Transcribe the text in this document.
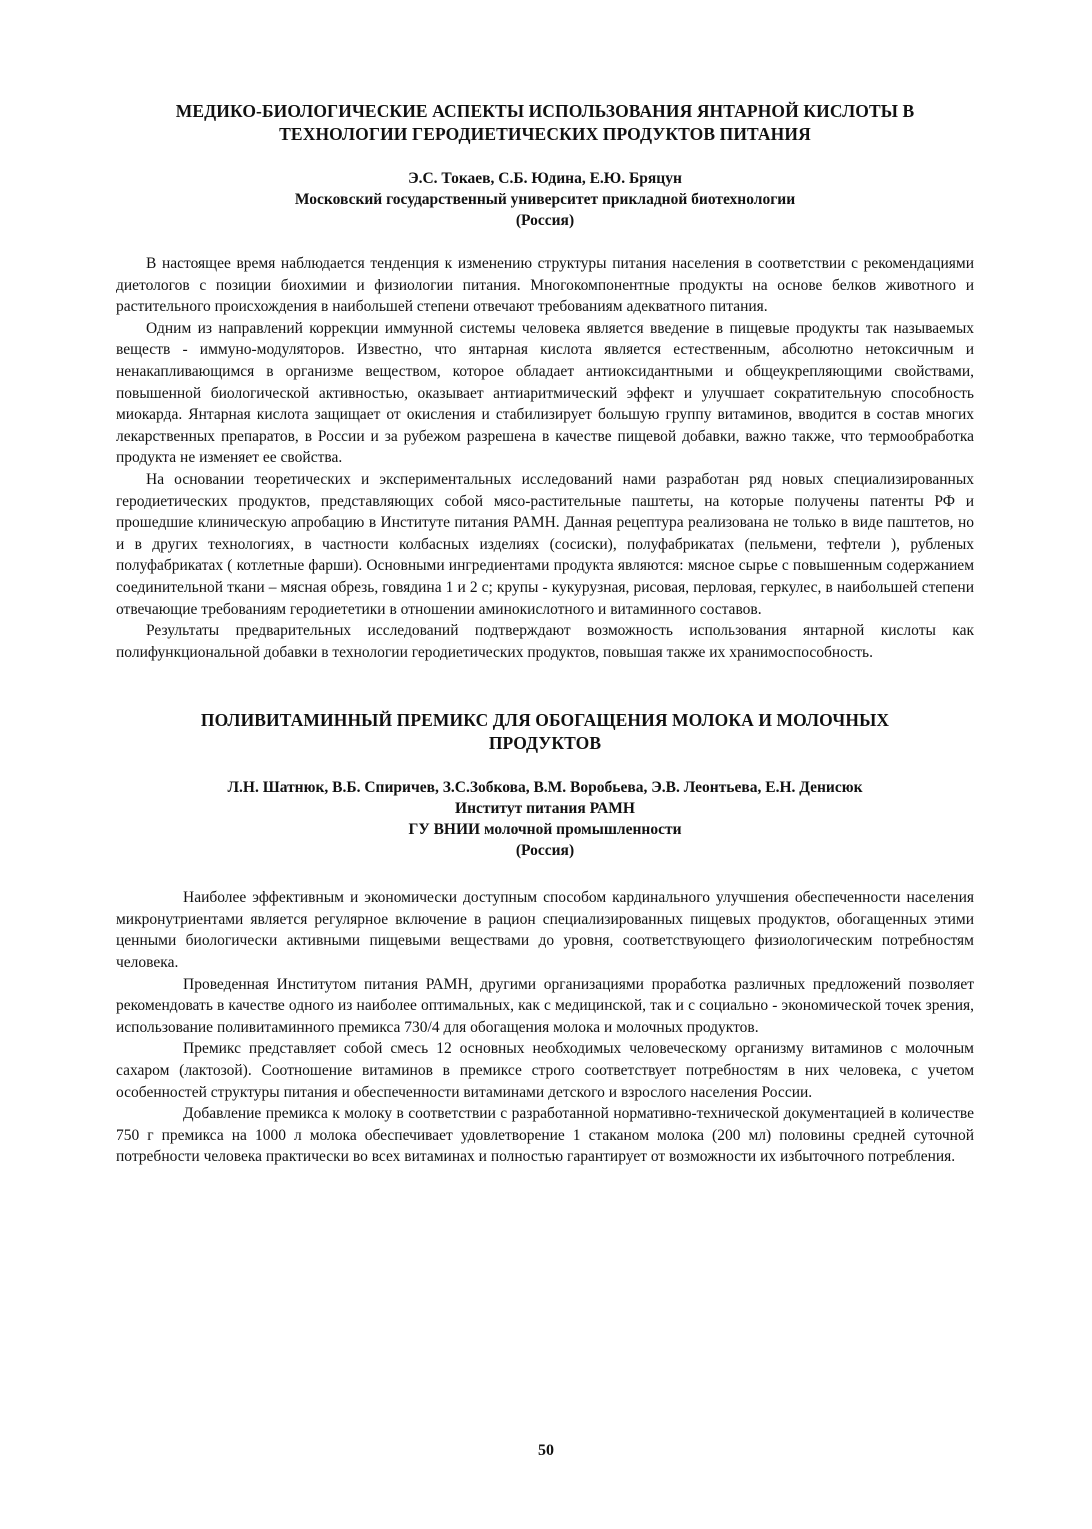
МЕДИКО-БИОЛОГИЧЕСКИЕ АСПЕКТЫ ИСПОЛЬЗОВАНИЯ ЯНТАРНОЙ КИСЛОТЫ В
ТЕХНОЛОГИИ ГЕРОДИЕТИЧЕСКИХ ПРОДУКТОВ ПИТАНИЯ
Э.С. Токаев, С.Б. Юдина, Е.Ю. Бряцун
Московский государственный университет прикладной биотехнологии
(Россия)

В настоящее время наблюдается тенденция к изменению структуры питания населения в соответствии с рекомендациями диетологов с позиции биохимии и физиологии питания. Многокомпонентные продукты на основе белков животного и растительного происхождения в наибольшей степени отвечают требованиям адекватного питания.

Одним из направлений коррекции иммунной системы человека является введение в пищевые продукты так называемых веществ - иммуно-модуляторов. Известно, что янтарная кислота является естественным, абсолютно нетоксичным и ненакапливающимся в организме веществом, которое обладает антиоксидантными и общеукрепляющими свойствами, повышенной биологической активностью, оказывает антиаритмический эффект и улучшает сократительную способность миокарда. Янтарная кислота защищает от окисления и стабилизирует большую группу витаминов, вводится в состав многих лекарственных препаратов, в России и за рубежом разрешена в качестве пищевой добавки, важно также, что термообработка продукта не изменяет ее свойства.

На основании теоретических и экспериментальных исследований нами разработан ряд новых специализированных геродиетических продуктов, представляющих собой мясо-растительные паштеты, на которые получены патенты РФ и прошедшие клиническую апробацию в Институте питания РАМН. Данная рецептура реализована не только в виде паштетов, но и в других технологиях, в частности колбасных изделиях (сосиски), полуфабрикатах (пельмени, тефтели ), рубленых полуфабрикатах ( котлетные фарши). Основными ингредиентами продукта являются: мясное сырье с повышенным содержанием соединительной ткани – мясная обрезь, говядина 1 и 2 с; крупы - кукурузная, рисовая, перловая, геркулес, в наибольшей степени отвечающие требованиям геродиететики в отношении аминокислотного и витаминного составов.

Результаты предварительных исследований подтверждают возможность использования янтарной кислоты как полифункциональной добавки в технологии геродиетических продуктов, повышая также их хранимоспособность.

ПОЛИВИТАМИННЫЙ ПРЕМИКС ДЛЯ ОБОГАЩЕНИЯ МОЛОКА И МОЛОЧНЫХ
ПРОДУКТОВ
Л.Н. Шатнюк, В.Б. Спиричев, З.С.Зобкова, В.М. Воробьева, Э.В. Леонтьева, Е.Н. Денисюк
Институт питания РАМН
ГУ ВНИИ молочной промышленности
(Россия)

Наиболее эффективным и экономически доступным способом кардинального улучшения обеспеченности населения микронутриентами является регулярное включение в рацион специализированных пищевых продуктов, обогащенных этими ценными биологически активными пищевыми веществами до уровня, соответствующего физиологическим потребностям человека.

Проведенная Институтом питания РАМН, другими организациями проработка различных предложений позволяет рекомендовать в качестве одного из наиболее оптимальных, как с медицинской, так и с социально - экономической точек зрения, использование поливитаминного премикса 730/4 для обогащения молока и молочных продуктов.

Премикс представляет собой смесь 12 основных необходимых человеческому организму витаминов с молочным сахаром (лактозой). Соотношение витаминов в премиксе строго соответствует потребностям в них человека, с учетом особенностей структуры питания и обеспеченности витаминами детского и взрослого населения России.

Добавление премикса к молоку в соответствии с разработанной нормативно-технической документацией в количестве 750 г премикса на 1000 л молока обеспечивает удовлетворение 1 стаканом молока (200 мл) половины средней суточной потребности человека практически во всех витаминах и полностью гарантирует от возможности их избыточного потребления.

50
